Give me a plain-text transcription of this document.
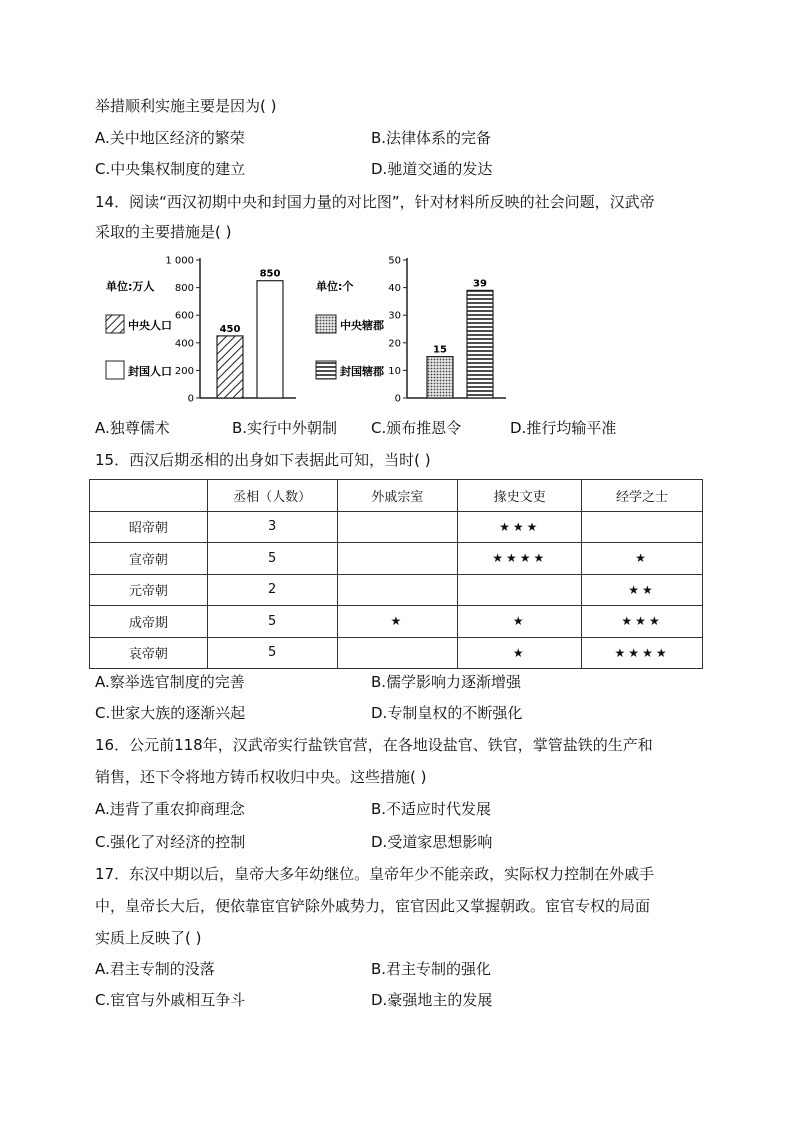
举措顺利实施主要是因为( )
A.关中地区经济的繁荣	B.法律体系的完备
C.中央集权制度的建立	D.驰道交通的发达
14．阅读“西汉初期中央和封国力量的对比图”，针对材料所反映的社会问题，汉武帝
采取的主要措施是( )
单位:万人
中央人口
封国人口
1 000
800
600
400
200
0
450
850
单位:个
中央辖郡
封国辖郡
50
40
30
20
10
0
15
39
A.独尊儒术	B.实行中外朝制 C.颁布推恩令	D.推行均输平准
15．西汉后期丞相的出身如下表据此可知，当时( )
	丞相（人数）	外戚宗室	掾史文吏	经学之士
昭帝朝	3		★★★	
宣帝朝	5		★★★★	★
元帝朝	2			★★
成帝期	5	★	★	★★★
哀帝朝	5		★	★★★★
A.察举选官制度的完善	B.儒学影响力逐渐增强
C.世家大族的逐渐兴起	D.专制皇权的不断强化
16．公元前118年，汉武帝实行盐铁官营，在各地设盐官、铁官，掌管盐铁的生产和
销售，还下令将地方铸币权收归中央。这些措施( )
A.违背了重农抑商理念	B.不适应时代发展
C.强化了对经济的控制	D.受道家思想影响
17．东汉中期以后，皇帝大多年幼继位。皇帝年少不能亲政，实际权力控制在外戚手
中，皇帝长大后，便依靠宦官铲除外戚势力，宦官因此又掌握朝政。宦官专权的局面
实质上反映了( )
A.君主专制的没落	B.君主专制的强化
C.宦官与外戚相互争斗	D.豪强地主的发展
